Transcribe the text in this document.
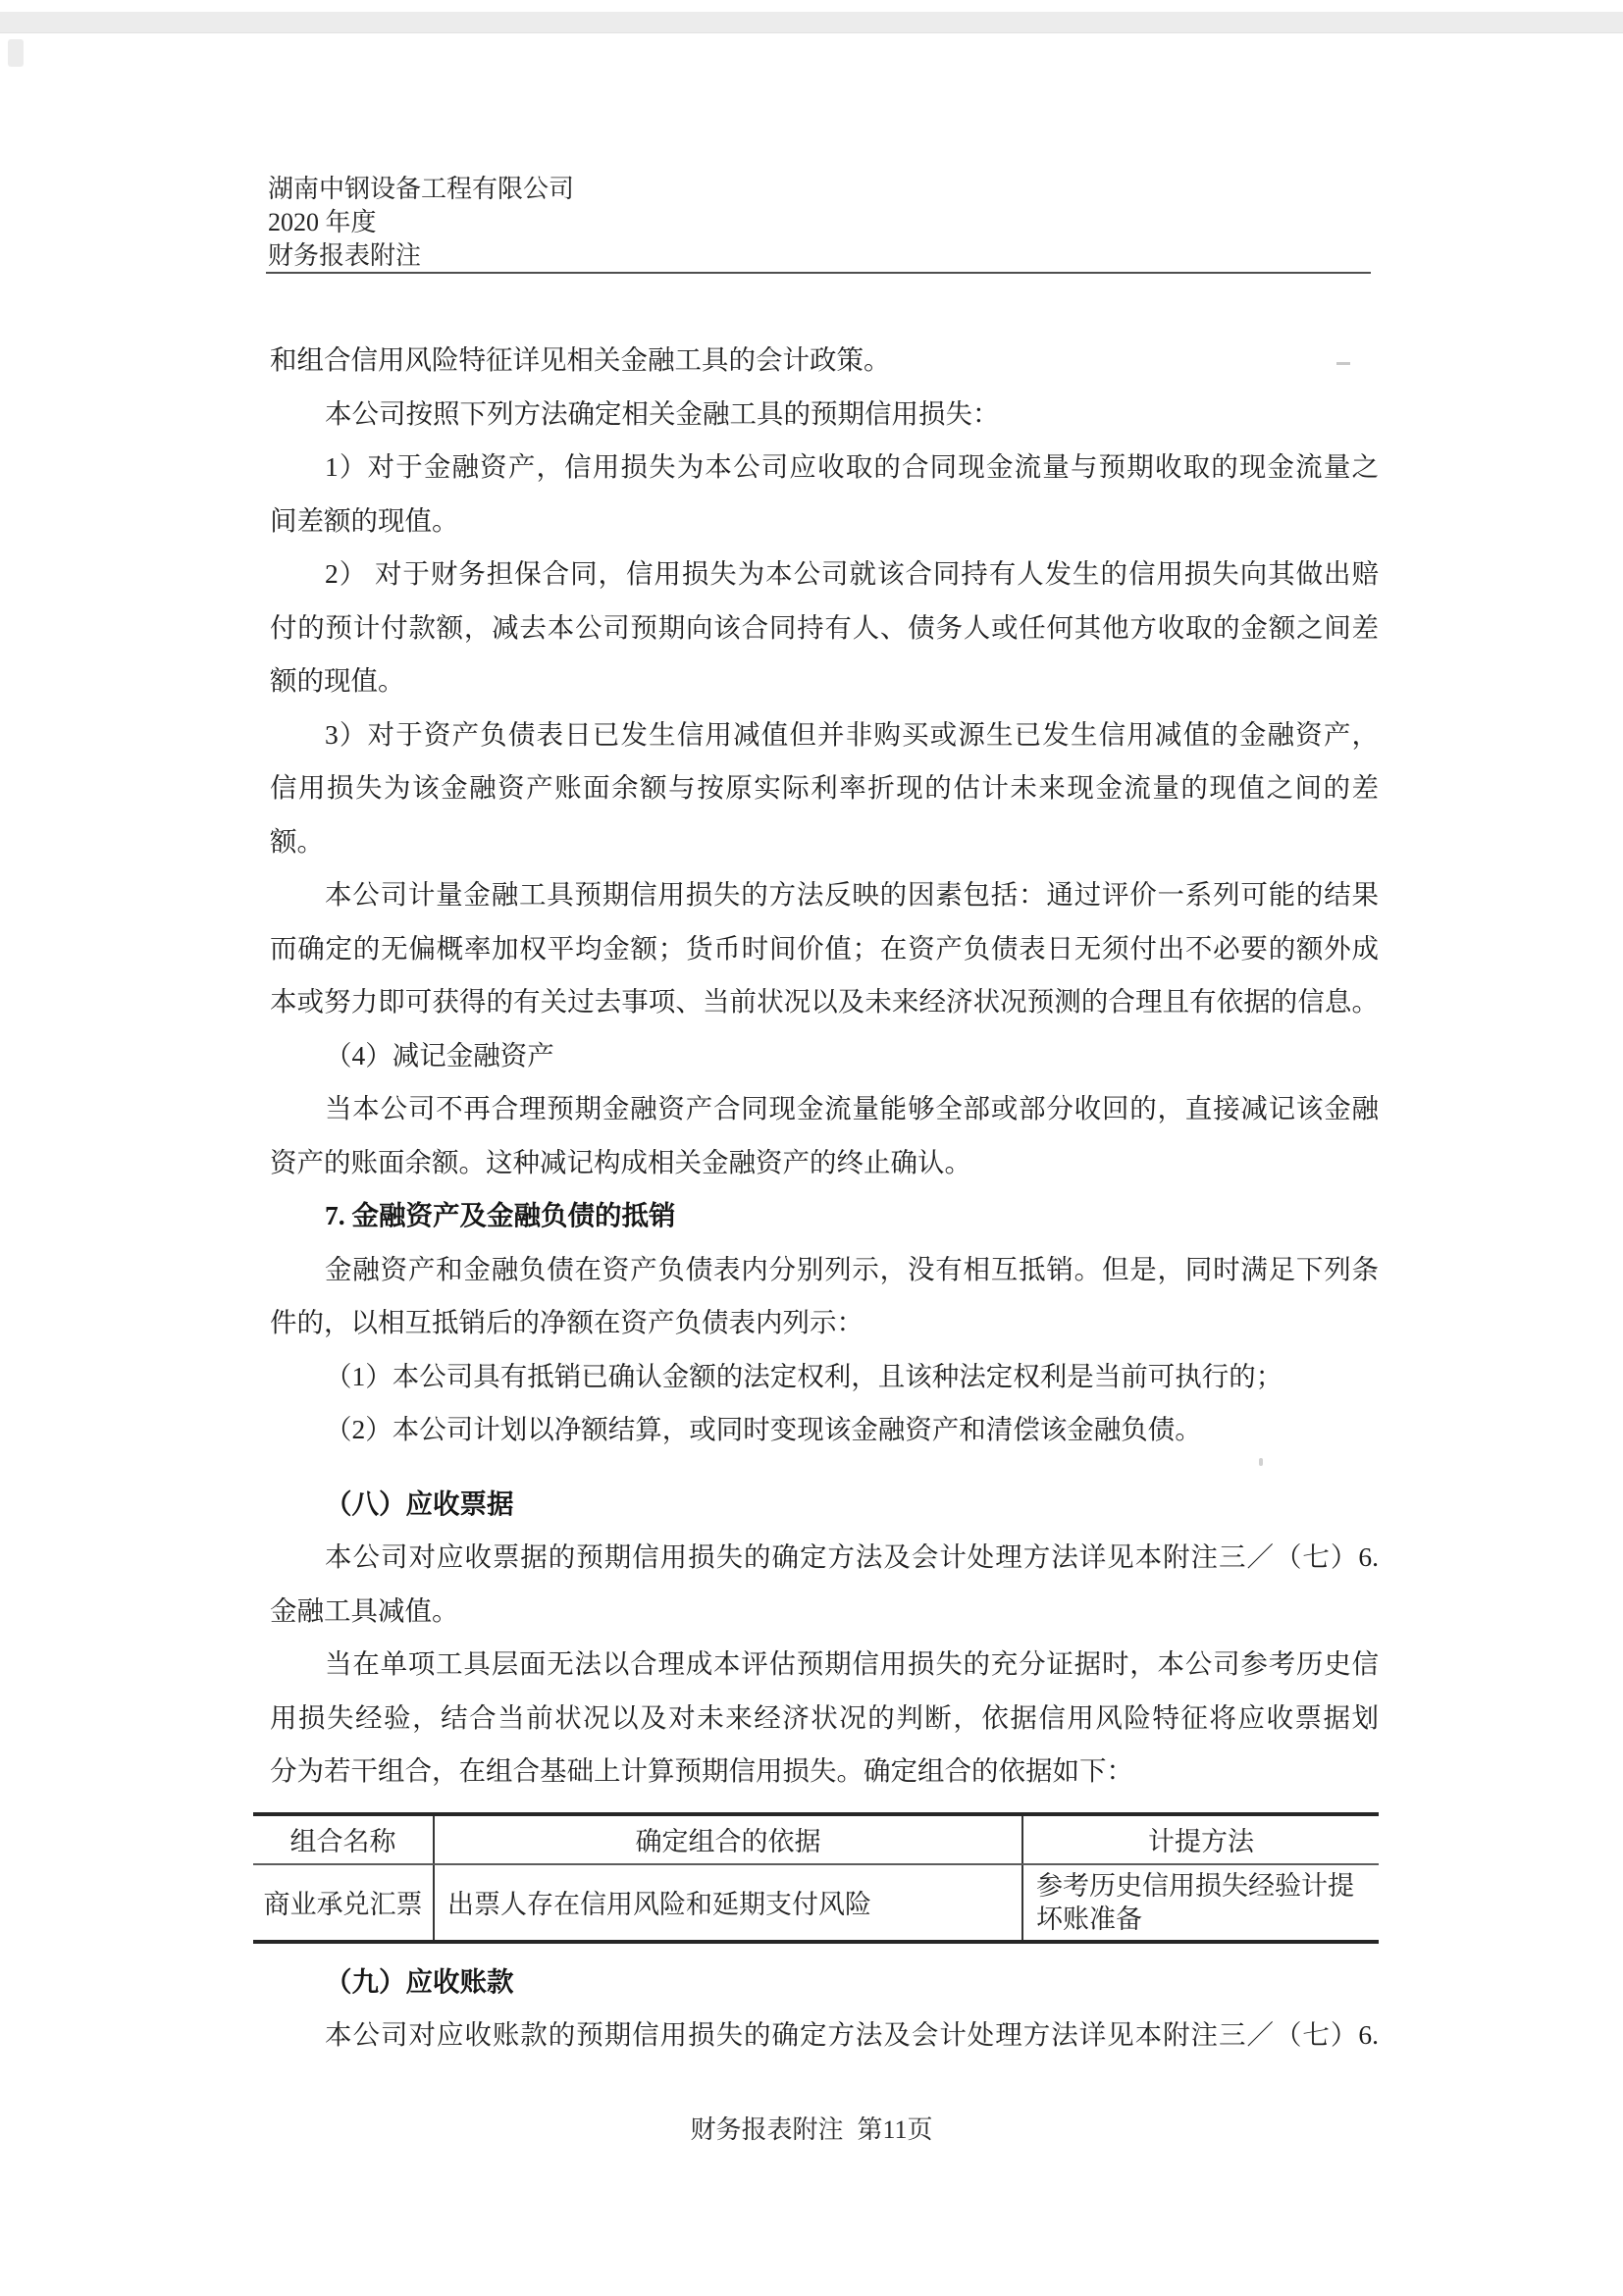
湖南中钢设备工程有限公司
2020 年度
财务报表附注
和组合信用风险特征详见相关金融工具的会计政策。
本公司按照下列方法确定相关金融工具的预期信用损失：
1）对于金融资产，信用损失为本公司应收取的合同现金流量与预期收取的现金流量之
间差额的现值。
2） 对于财务担保合同，信用损失为本公司就该合同持有人发生的信用损失向其做出赔
付的预计付款额，减去本公司预期向该合同持有人、债务人或任何其他方收取的金额之间差
额的现值。
3）对于资产负债表日已发生信用减值但并非购买或源生已发生信用减值的金融资产，
信用损失为该金融资产账面余额与按原实际利率折现的估计未来现金流量的现值之间的差
额。
本公司计量金融工具预期信用损失的方法反映的因素包括：通过评价一系列可能的结果
而确定的无偏概率加权平均金额；货币时间价值；在资产负债表日无须付出不必要的额外成
本或努力即可获得的有关过去事项、当前状况以及未来经济状况预测的合理且有依据的信息。
（4）减记金融资产
当本公司不再合理预期金融资产合同现金流量能够全部或部分收回的，直接减记该金融
资产的账面余额。这种减记构成相关金融资产的终止确认。
7. 金融资产及金融负债的抵销
金融资产和金融负债在资产负债表内分别列示，没有相互抵销。但是，同时满足下列条
件的，以相互抵销后的净额在资产负债表内列示：
（1）本公司具有抵销已确认金额的法定权利，且该种法定权利是当前可执行的；
（2）本公司计划以净额结算，或同时变现该金融资产和清偿该金融负债。
（八）应收票据
本公司对应收票据的预期信用损失的确定方法及会计处理方法详见本附注三／（七）6.
金融工具减值。
当在单项工具层面无法以合理成本评估预期信用损失的充分证据时，本公司参考历史信
用损失经验，结合当前状况以及对未来经济状况的判断，依据信用风险特征将应收票据划
分为若干组合，在组合基础上计算预期信用损失。确定组合的依据如下：
组合名称	确定组合的依据	计提方法
商业承兑汇票	出票人存在信用风险和延期支付风险	参考历史信用损失经验计提坏账准备
（九）应收账款
本公司对应收账款的预期信用损失的确定方法及会计处理方法详见本附注三／（七）6.
财务报表附注 第11页
